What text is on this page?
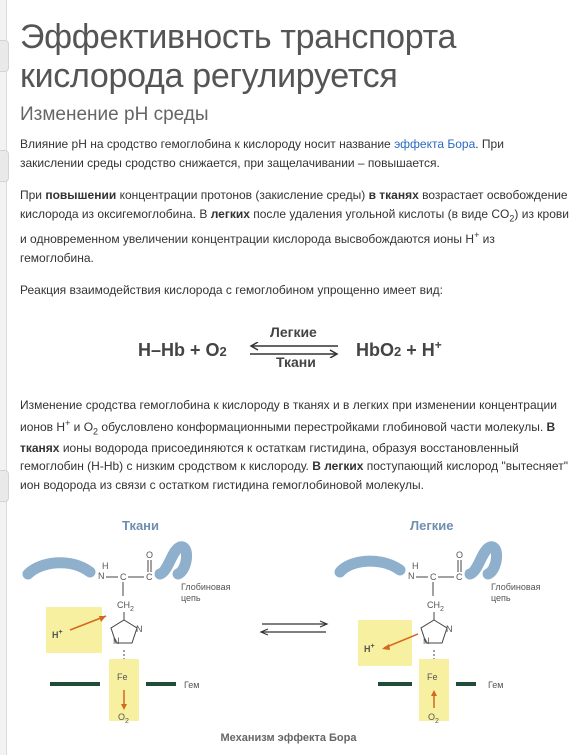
Эффективность транспорта кислорода регулируется
Изменение рН среды

Влияние рН на сродство гемоглобина к кислороду носит название эффекта Бора. При

закислении среды сродство снижается, при защелачивании – повышается.

При повышении концентрации протонов (закисление среды) в тканях возрастает освобождение

кислорода из оксигемоглобина. В легких после удаления угольной кислоты (в виде $CO_2$) из крови

и одновременном увеличении концентрации кислорода высвобождаются ионы Н+ из

гемоглобина.

Реакция взаимодействия кислорода с гемоглобином упрощенно имеет вид:

H–Hb + O2
Легкие
Ткани
HbO2 + H+

Изменение сродства гемоглобина к кислороду в тканях и в легких при изменении концентрации

ионов Н+ и $O_2$ обусловлено конформационными перестройками глобиновой части молекулы. В

тканях ионы водорода присоединяются к остаткам гистидина, образуя восстановленный

гемоглобин (Н-Hb) с низким сродством к кислороду. В легких поступающий кислород "вытесняет"

ион водорода из связи с остатком гистидина гемоглобиновой молекулы.

Ткани	Легкие
N
H
C C
O
$CH_2$
N
N
H+
Fe
$O_2$
Глобиновая
цепь
Гем
N
H
C C
O
$CH_2$
N
N
H+
Fe
$O_2$
Глобиновая
цепь
Гем
Механизм эффекта Бора
